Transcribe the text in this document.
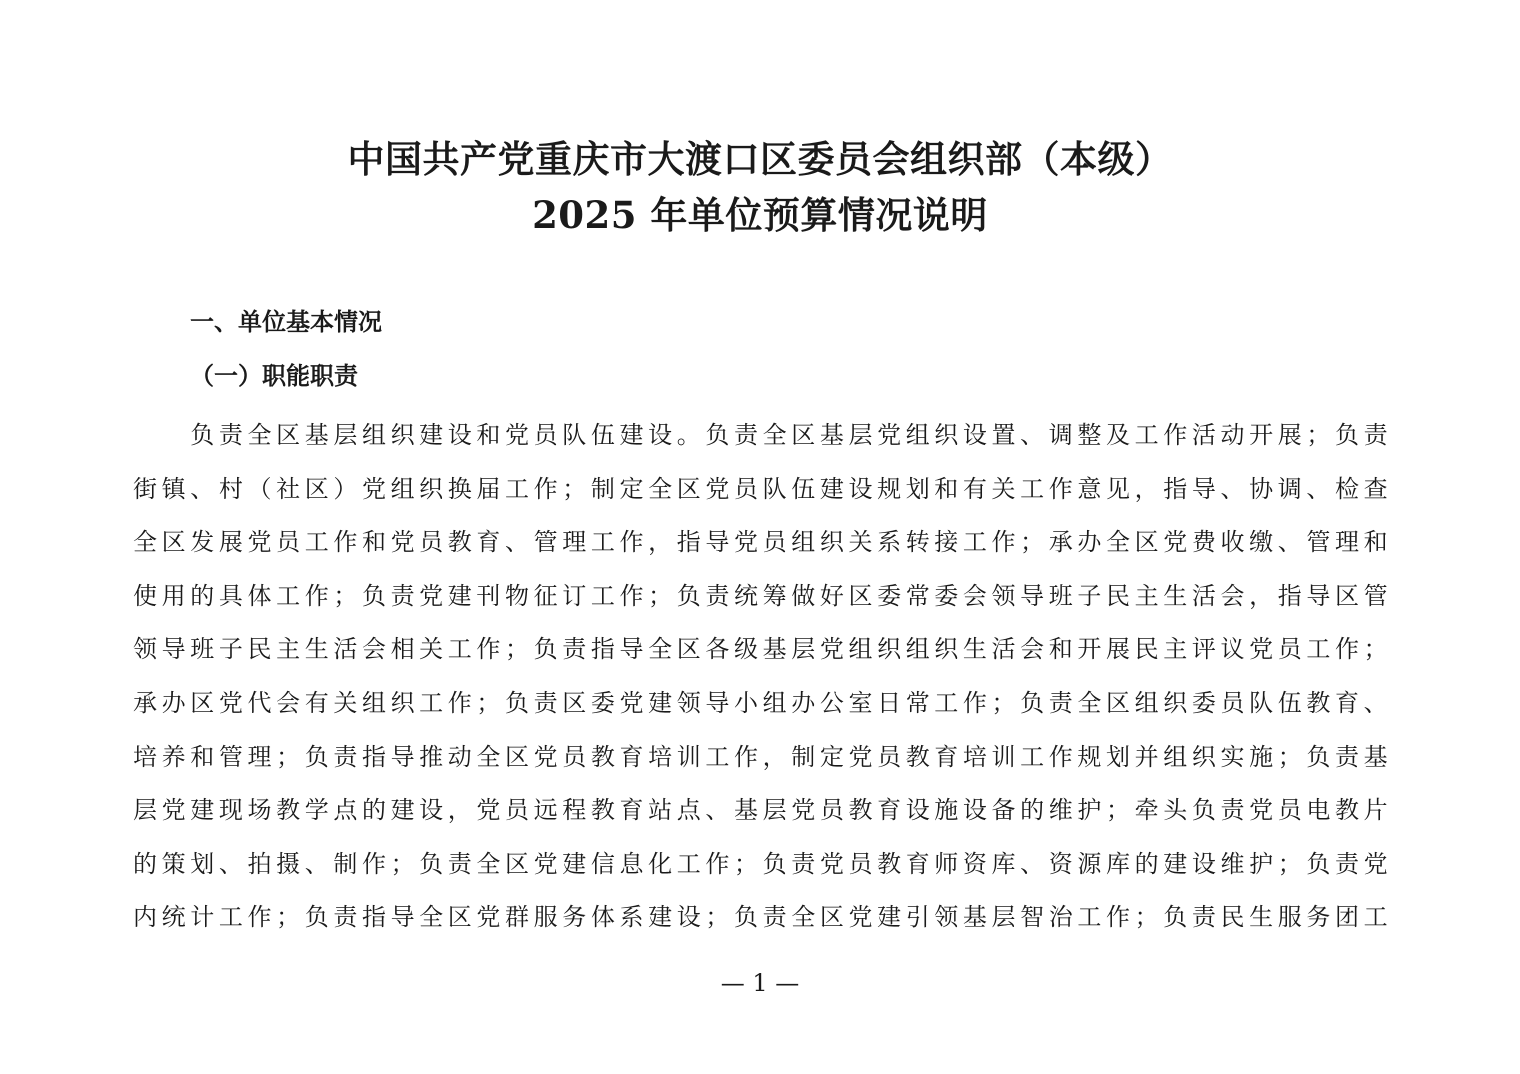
中国共产党重庆市大渡口区委员会组织部（本级）
2025 年单位预算情况说明
一、单位基本情况
（一）职能职责
　　负责全区基层组织建设和党员队伍建设。负责全区基层党组织设置、调整及工作活动开展；负责
街镇、村（社区）党组织换届工作；制定全区党员队伍建设规划和有关工作意见，指导、协调、检查
全区发展党员工作和党员教育、管理工作，指导党员组织关系转接工作；承办全区党费收缴、管理和
使用的具体工作；负责党建刊物征订工作；负责统筹做好区委常委会领导班子民主生活会，指导区管
领导班子民主生活会相关工作；负责指导全区各级基层党组织组织生活会和开展民主评议党员工作；
承办区党代会有关组织工作；负责区委党建领导小组办公室日常工作；负责全区组织委员队伍教育、
培养和管理；负责指导推动全区党员教育培训工作，制定党员教育培训工作规划并组织实施；负责基
层党建现场教学点的建设，党员远程教育站点、基层党员教育设施设备的维护；牵头负责党员电教片
的策划、拍摄、制作；负责全区党建信息化工作；负责党员教育师资库、资源库的建设维护；负责党
内统计工作；负责指导全区党群服务体系建设；负责全区党建引领基层智治工作；负责民生服务团工
— 1 —
